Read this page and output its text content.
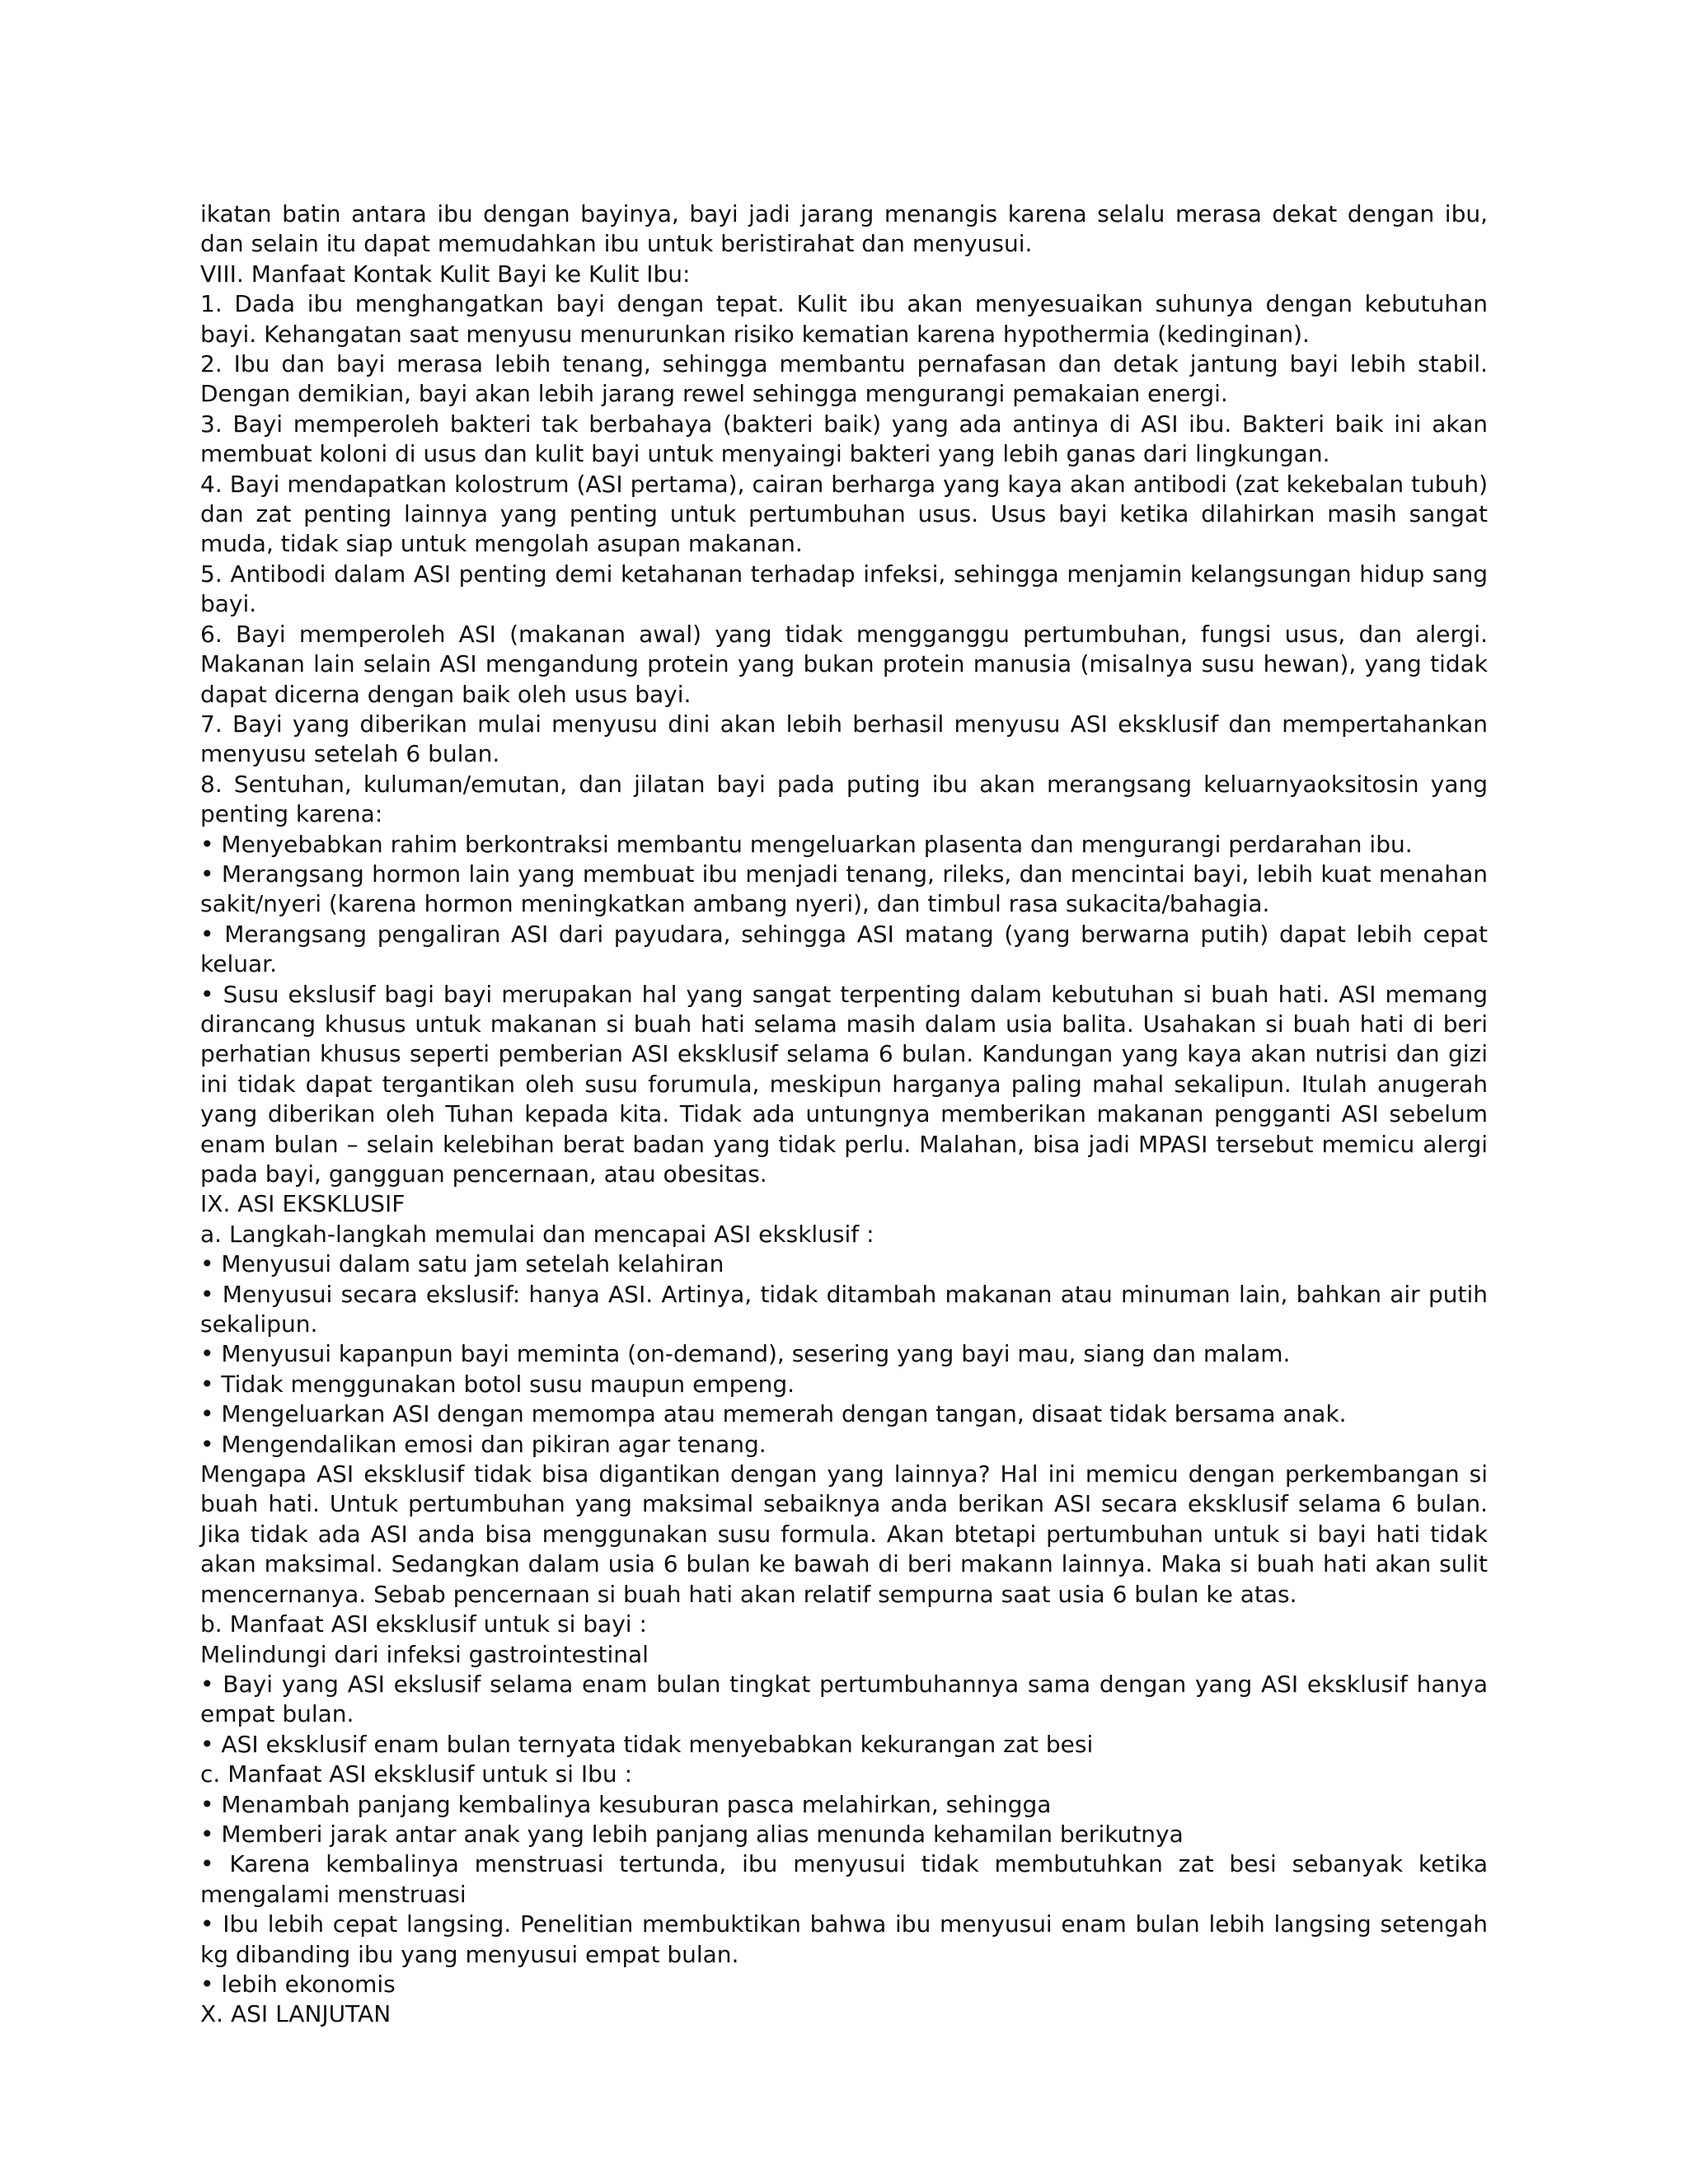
ikatan batin antara ibu dengan bayinya, bayi jadi jarang menangis karena selalu merasa dekat dengan ibu, dan selain itu dapat memudahkan ibu untuk beristirahat dan menyusui.

VIII. Manfaat Kontak Kulit Bayi ke Kulit Ibu:

1. Dada ibu menghangatkan bayi dengan tepat. Kulit ibu akan menyesuaikan suhunya dengan kebutuhan bayi. Kehangatan saat menyusu menurunkan risiko kematian karena hypothermia (kedinginan).

2. Ibu dan bayi merasa lebih tenang, sehingga membantu pernafasan dan detak jantung bayi lebih stabil. Dengan demikian, bayi akan lebih jarang rewel sehingga mengurangi pemakaian energi.

3. Bayi memperoleh bakteri tak berbahaya (bakteri baik) yang ada antinya di ASI ibu. Bakteri baik ini akan membuat koloni di usus dan kulit bayi untuk menyaingi bakteri yang lebih ganas dari lingkungan.

4. Bayi mendapatkan kolostrum (ASI pertama), cairan berharga yang kaya akan antibodi (zat kekebalan tubuh) dan zat penting lainnya yang penting untuk pertumbuhan usus. Usus bayi ketika dilahirkan masih sangat muda, tidak siap untuk mengolah asupan makanan.

5. Antibodi dalam ASI penting demi ketahanan terhadap infeksi, sehingga menjamin kelangsungan hidup sang bayi.

6. Bayi memperoleh ASI (makanan awal) yang tidak mengganggu pertumbuhan, fungsi usus, dan alergi. Makanan lain selain ASI mengandung protein yang bukan protein manusia (misalnya susu hewan), yang tidak dapat dicerna dengan baik oleh usus bayi.

7. Bayi yang diberikan mulai menyusu dini akan lebih berhasil menyusu ASI eksklusif dan mempertahankan menyusu setelah 6 bulan.

8. Sentuhan, kuluman/emutan, dan jilatan bayi pada puting ibu akan merangsang keluarnyaoksitosin yang penting karena:

• Menyebabkan rahim berkontraksi membantu mengeluarkan plasenta dan mengurangi perdarahan ibu.

• Merangsang hormon lain yang membuat ibu menjadi tenang, rileks, dan mencintai bayi, lebih kuat menahan sakit/nyeri (karena hormon meningkatkan ambang nyeri), dan timbul rasa sukacita/bahagia.

• Merangsang pengaliran ASI dari payudara, sehingga ASI matang (yang berwarna putih) dapat lebih cepat keluar.

• Susu ekslusif bagi bayi merupakan hal yang sangat terpenting dalam kebutuhan si buah hati. ASI memang dirancang khusus untuk makanan si buah hati selama masih dalam usia balita. Usahakan si buah hati di beri perhatian khusus seperti pemberian ASI eksklusif selama 6 bulan. Kandungan yang kaya akan nutrisi dan gizi ini tidak dapat tergantikan oleh susu forumula, meskipun harganya paling mahal sekalipun. Itulah anugerah yang diberikan oleh Tuhan kepada kita. Tidak ada untungnya memberikan makanan pengganti ASI sebelum enam bulan – selain kelebihan berat badan yang tidak perlu. Malahan, bisa jadi MPASI tersebut memicu alergi pada bayi, gangguan pencernaan, atau obesitas.

IX. ASI EKSKLUSIF

a. Langkah-langkah memulai dan mencapai ASI eksklusif :

• Menyusui dalam satu jam setelah kelahiran

• Menyusui secara ekslusif: hanya ASI. Artinya, tidak ditambah makanan atau minuman lain, bahkan air putih sekalipun.

• Menyusui kapanpun bayi meminta (on-demand), sesering yang bayi mau, siang dan malam.

• Tidak menggunakan botol susu maupun empeng.

• Mengeluarkan ASI dengan memompa atau memerah dengan tangan, disaat tidak bersama anak.

• Mengendalikan emosi dan pikiran agar tenang.

Mengapa ASI eksklusif tidak bisa digantikan dengan yang lainnya? Hal ini memicu dengan perkembangan si buah hati. Untuk pertumbuhan yang maksimal sebaiknya anda berikan ASI secara eksklusif selama 6 bulan. Jika tidak ada ASI anda bisa menggunakan susu formula. Akan btetapi pertumbuhan untuk si bayi hati tidak akan maksimal. Sedangkan dalam usia 6 bulan ke bawah di beri makann lainnya. Maka si buah hati akan sulit mencernanya. Sebab pencernaan si buah hati akan relatif sempurna saat usia 6 bulan ke atas.

b. Manfaat ASI eksklusif untuk si bayi :

Melindungi dari infeksi gastrointestinal

• Bayi yang ASI ekslusif selama enam bulan tingkat pertumbuhannya sama dengan yang ASI eksklusif hanya empat bulan.

• ASI eksklusif enam bulan ternyata tidak menyebabkan kekurangan zat besi

c. Manfaat ASI eksklusif untuk si Ibu :

• Menambah panjang kembalinya kesuburan pasca melahirkan, sehingga

• Memberi jarak antar anak yang lebih panjang alias menunda kehamilan berikutnya

• Karena kembalinya menstruasi tertunda, ibu menyusui tidak membutuhkan zat besi sebanyak ketika mengalami menstruasi

• Ibu lebih cepat langsing. Penelitian membuktikan bahwa ibu menyusui enam bulan lebih langsing setengah kg dibanding ibu yang menyusui empat bulan.

• lebih ekonomis

X. ASI LANJUTAN
